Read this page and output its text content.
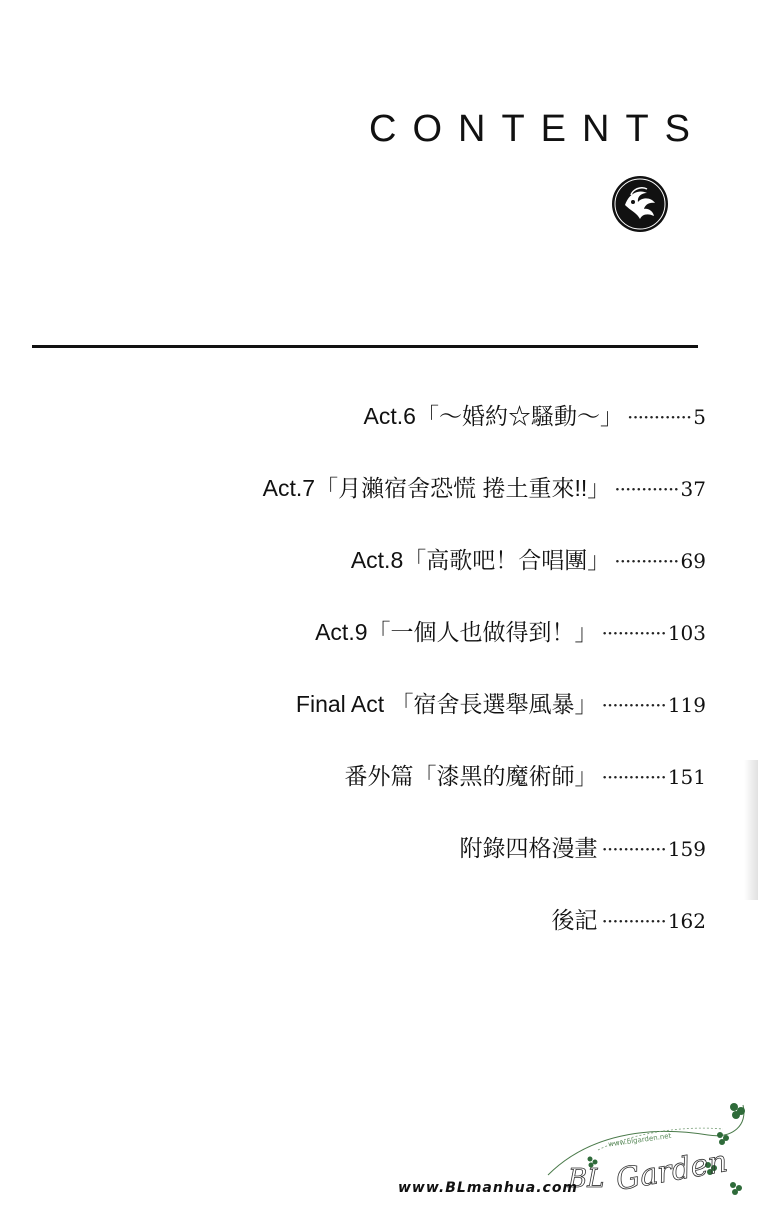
CONTENTS
Act.6「～婚約☆騷動～」 ············ 5
Act.7「月瀨宿舍恐慌 捲土重來!!」 ············ 37
Act.8「高歌吧！合唱團」 ············ 69
Act.9「一個人也做得到！」 ············ 103
Final Act 「宿舍長選舉風暴」 ············ 119
番外篇「漆黑的魔術師」 ············ 151
附錄四格漫畫 ············ 159
後記 ············ 162
BL Garden
www.blgarden.net
www.BLmanhua.com
